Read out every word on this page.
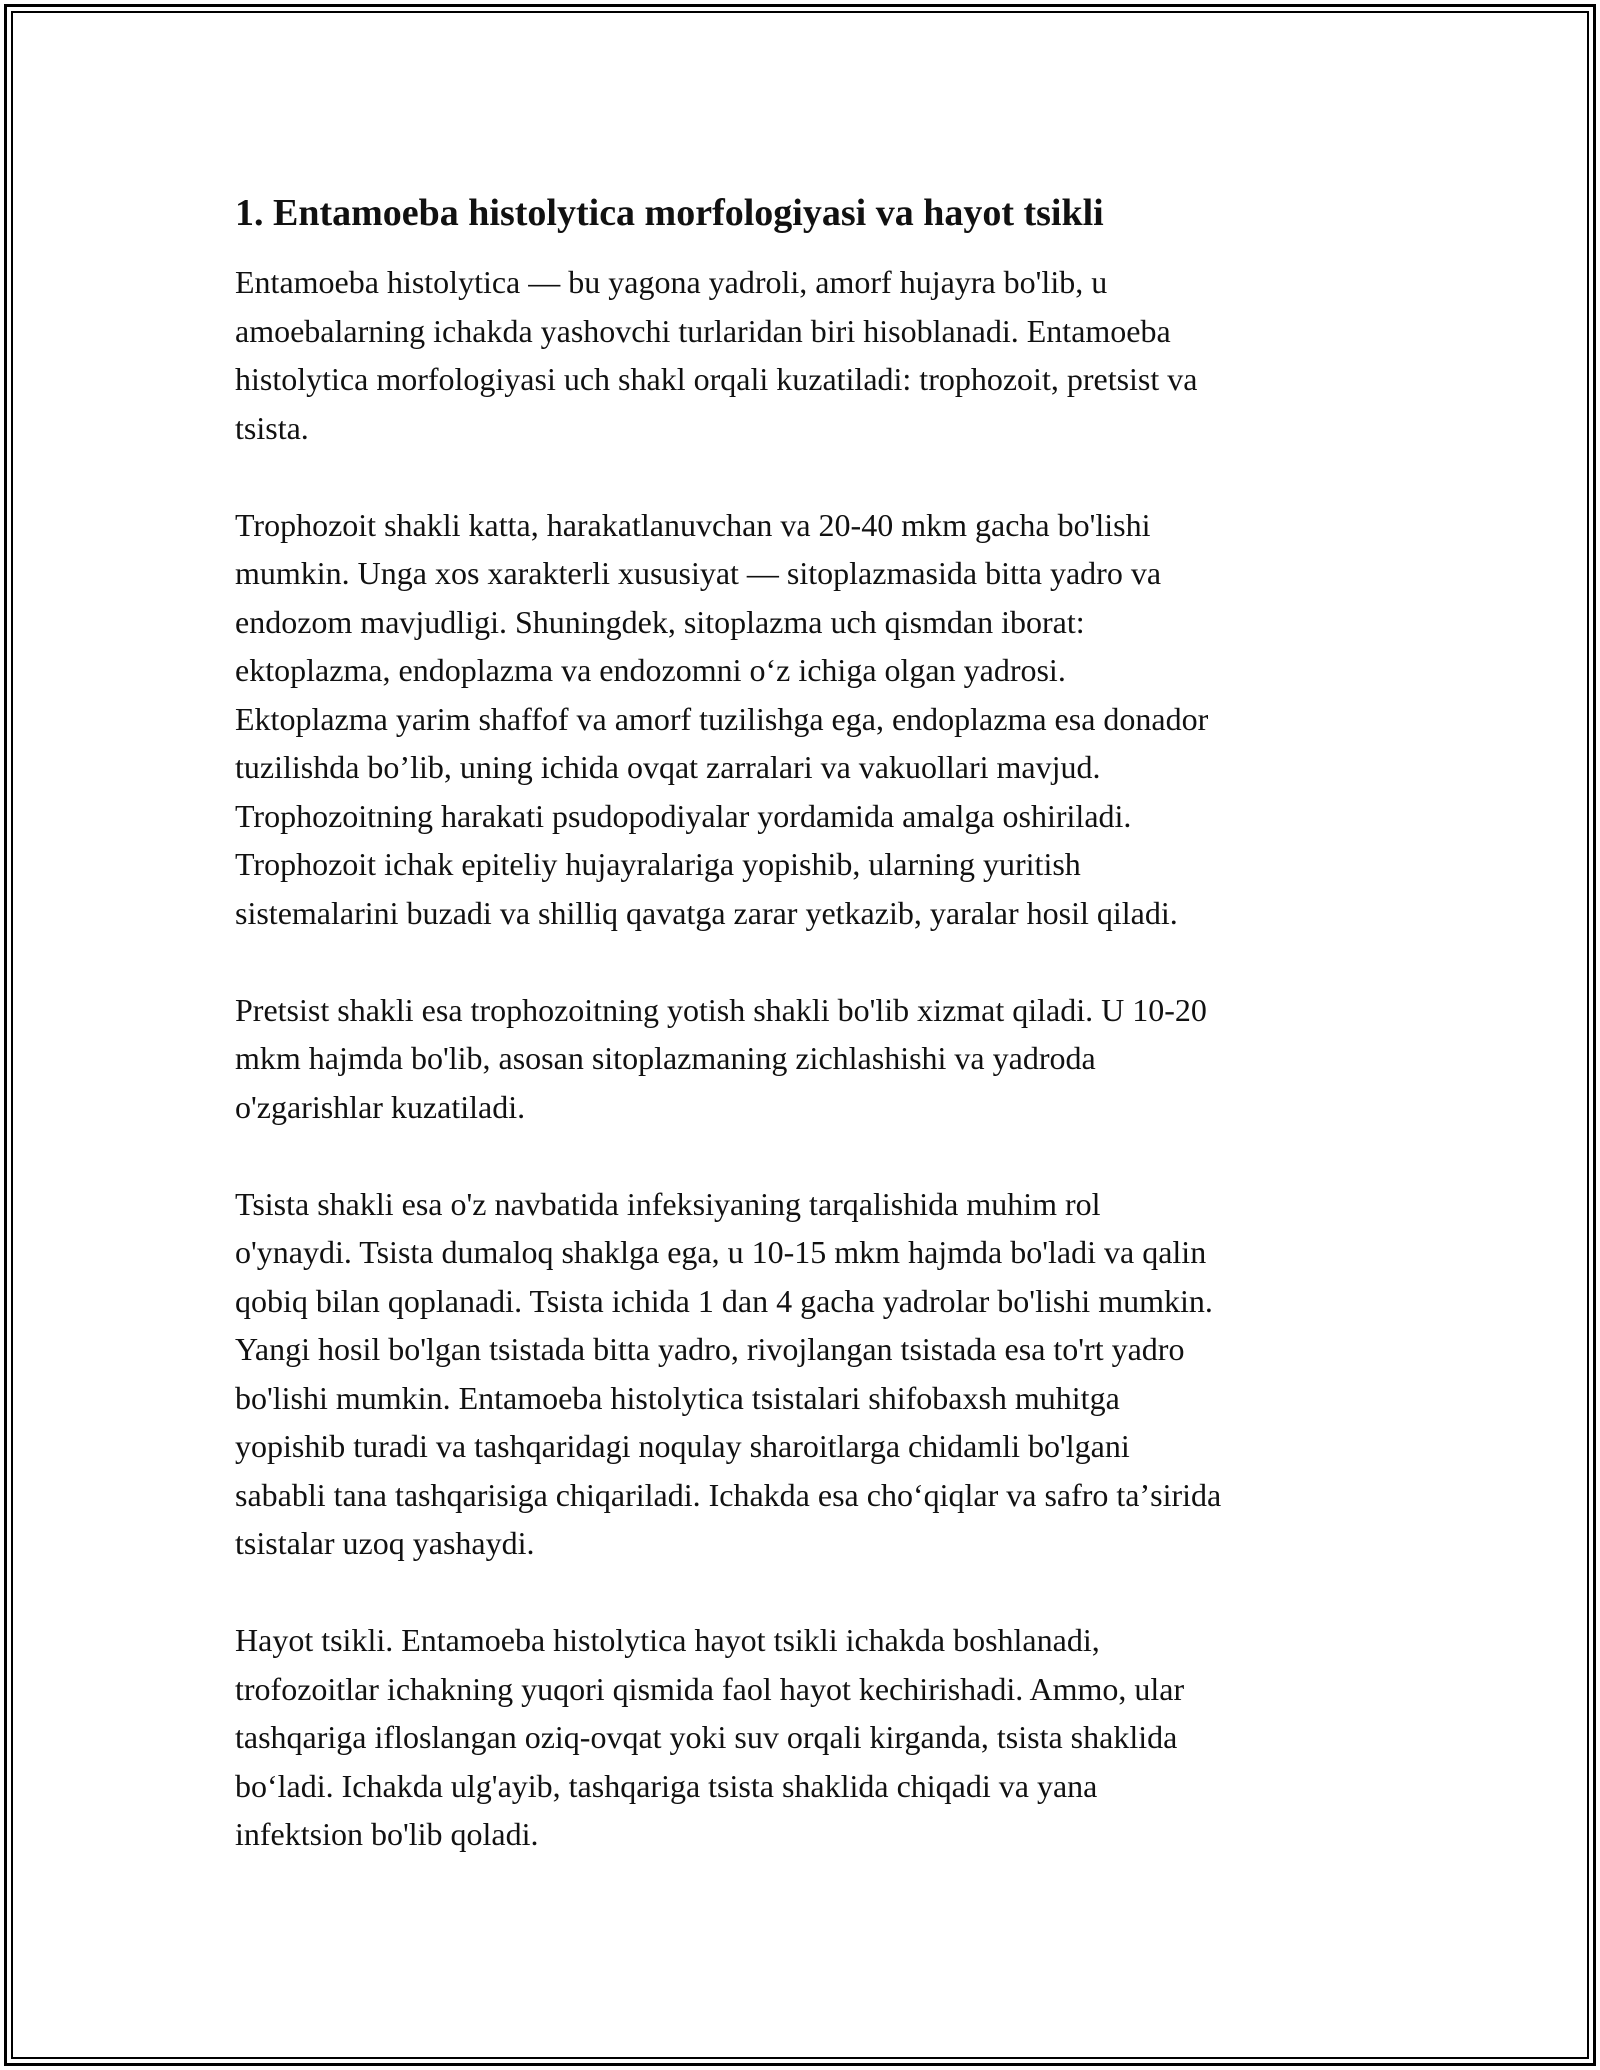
1. Entamoeba histolytica morfologiyasi va hayot tsikli
Entamoeba histolytica — bu yagona yadroli, amorf hujayra bo'lib, u
amoebalarning ichakda yashovchi turlaridan biri hisoblanadi. Entamoeba
histolytica morfologiyasi uch shakl orqali kuzatiladi: trophozoit, pretsist va
tsista.
Trophozoit shakli katta, harakatlanuvchan va 20-40 mkm gacha bo'lishi
mumkin. Unga xos xarakterli xususiyat — sitoplazmasida bitta yadro va
endozom mavjudligi. Shuningdek, sitoplazma uch qismdan iborat:
ektoplazma, endoplazma va endozomni oʻz ichiga olgan yadrosi.
Ektoplazma yarim shaffof va amorf tuzilishga ega, endoplazma esa donador
tuzilishda bo’lib, uning ichida ovqat zarralari va vakuollari mavjud.
Trophozoitning harakati psudopodiyalar yordamida amalga oshiriladi.
Trophozoit ichak epiteliy hujayralariga yopishib, ularning yuritish
sistemalarini buzadi va shilliq qavatga zarar yetkazib, yaralar hosil qiladi.
Pretsist shakli esa trophozoitning yotish shakli bo'lib xizmat qiladi. U 10-20
mkm hajmda bo'lib, asosan sitoplazmaning zichlashishi va yadroda
o'zgarishlar kuzatiladi.
Tsista shakli esa o'z navbatida infeksiyaning tarqalishida muhim rol
o'ynaydi. Tsista dumaloq shaklga ega, u 10-15 mkm hajmda bo'ladi va qalin
qobiq bilan qoplanadi. Tsista ichida 1 dan 4 gacha yadrolar bo'lishi mumkin.
Yangi hosil bo'lgan tsistada bitta yadro, rivojlangan tsistada esa to'rt yadro
bo'lishi mumkin. Entamoeba histolytica tsistalari shifobaxsh muhitga
yopishib turadi va tashqaridagi noqulay sharoitlarga chidamli bo'lgani
sababli tana tashqarisiga chiqariladi. Ichakda esa choʻqiqlar va safro taʼsirida
tsistalar uzoq yashaydi.
Hayot tsikli. Entamoeba histolytica hayot tsikli ichakda boshlanadi,
trofozoitlar ichakning yuqori qismida faol hayot kechirishadi. Ammo, ular
tashqariga ifloslangan oziq-ovqat yoki suv orqali kirganda, tsista shaklida
boʻladi. Ichakda ulg'ayib, tashqariga tsista shaklida chiqadi va yana
infektsion bo'lib qoladi.
